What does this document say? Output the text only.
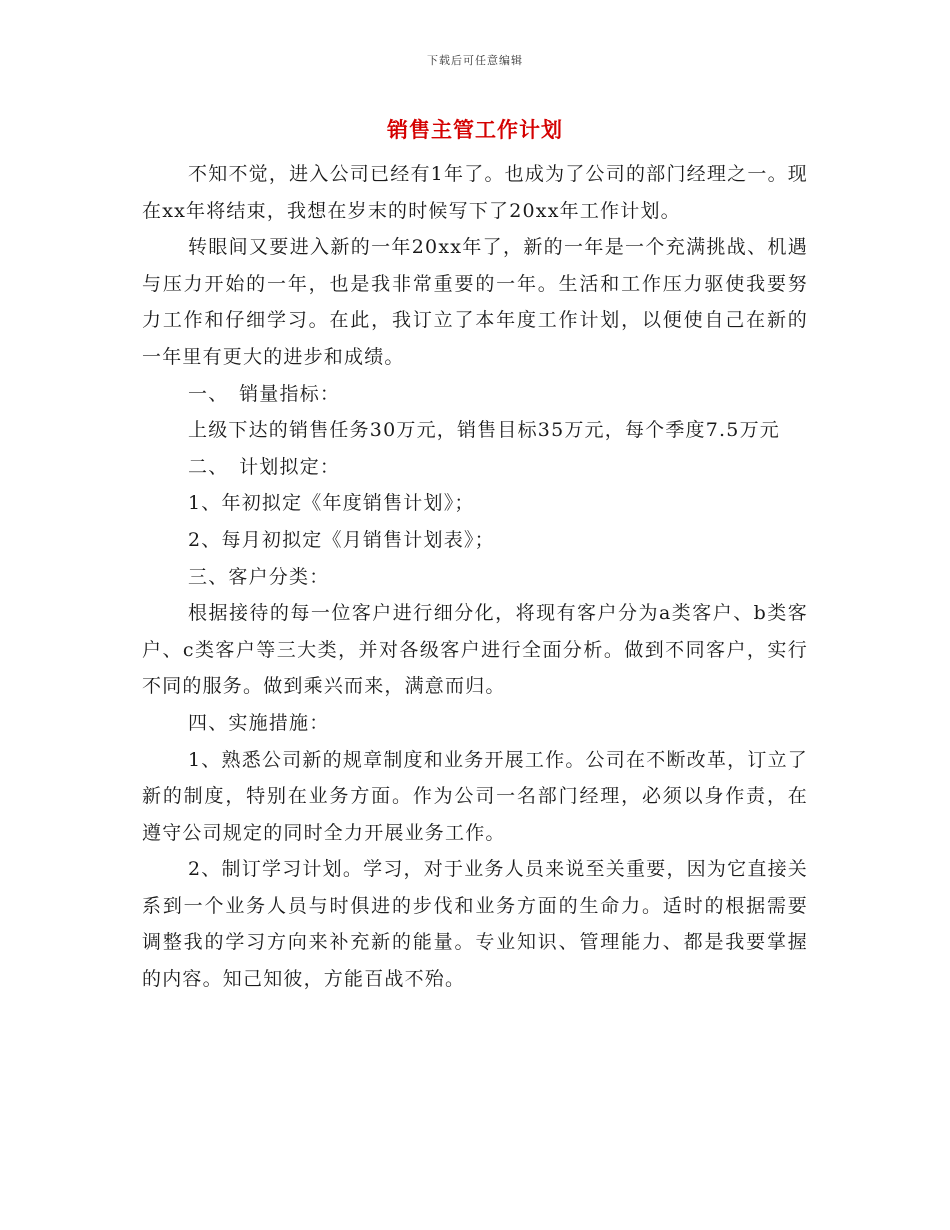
下载后可任意编辑
销售主管工作计划

不知不觉，进入公司已经有1年了。也成为了公司的部门经理之一。现在xx年将结束，我想在岁末的时候写下了20xx年工作计划。

转眼间又要进入新的一年20xx年了，新的一年是一个充满挑战、机遇与压力开始的一年，也是我非常重要的一年。生活和工作压力驱使我要努力工作和仔细学习。在此，我订立了本年度工作计划，以便使自己在新的一年里有更大的进步和成绩。

一、　销量指标：

上级下达的销售任务30万元，销售目标35万元，每个季度7.5万元

二、　计划拟定：

1、年初拟定《年度销售计划》；

2、每月初拟定《月销售计划表》；

三、客户分类：

根据接待的每一位客户进行细分化，将现有客户分为a类客户、b类客户、c类客户等三大类，并对各级客户进行全面分析。做到不同客户，实行不同的服务。做到乘兴而来，满意而归。

四、实施措施：

1、熟悉公司新的规章制度和业务开展工作。公司在不断改革，订立了新的制度，特别在业务方面。作为公司一名部门经理，必须以身作责，在遵守公司规定的同时全力开展业务工作。

2、制订学习计划。学习，对于业务人员来说至关重要，因为它直接关系到一个业务人员与时俱进的步伐和业务方面的生命力。适时的根据需要调整我的学习方向来补充新的能量。专业知识、管理能力、都是我要掌握的内容。知己知彼，方能百战不殆。
